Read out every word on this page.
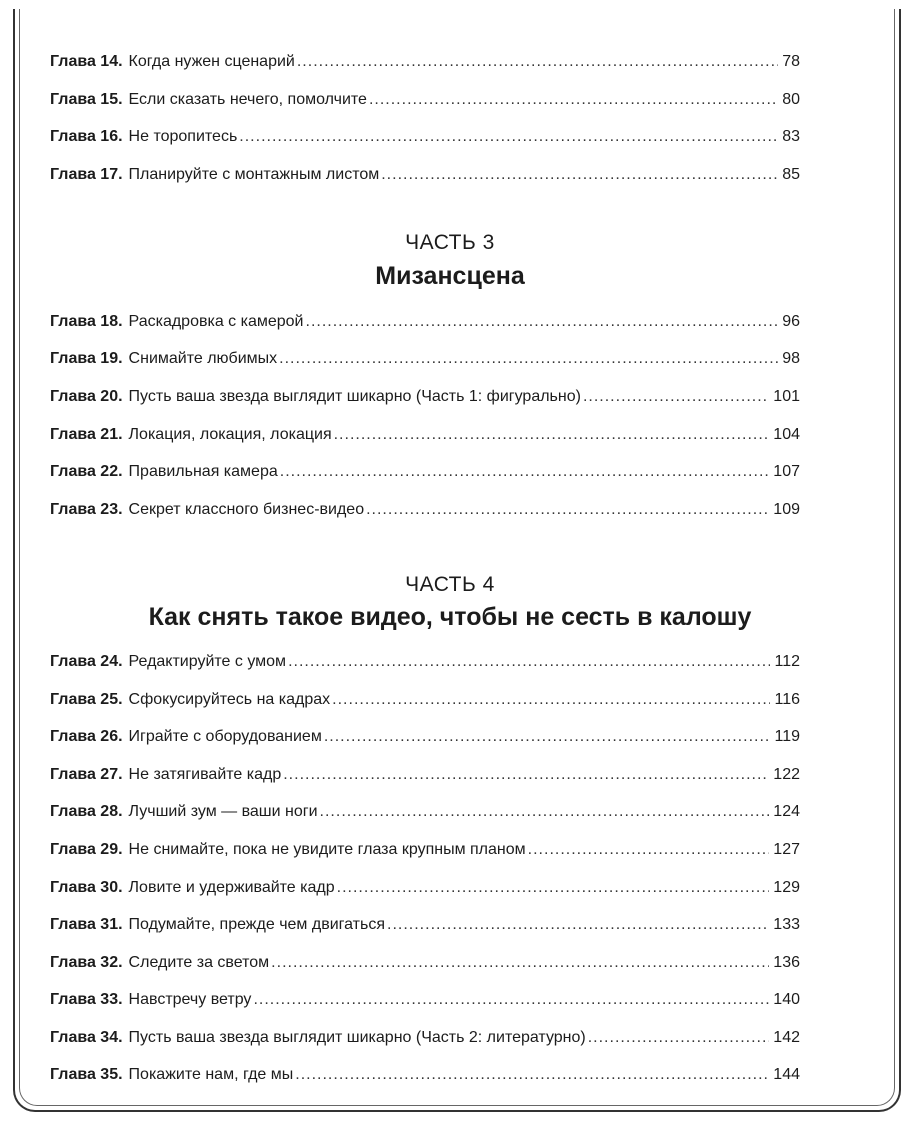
Глава 14. Когда нужен сценарий .....	78
Глава 15. Если сказать нечего, помолчите .....	80
Глава 16. Не торопитесь .....	83
Глава 17. Планируйте с монтажным листом .....	85
ЧАСТЬ 3
Мизансцена
Глава 18. Раскадровка с камерой .....	96
Глава 19. Снимайте любимых .....	98
Глава 20. Пусть ваша звезда выглядит шикарно (Часть 1: фигурально) .....	101
Глава 21. Локация, локация, локация .....	104
Глава 22. Правильная камера .....	107
Глава 23. Секрет классного бизнес-видео .....	109
ЧАСТЬ 4
Как снять такое видео, чтобы не сесть в калошу
Глава 24. Редактируйте с умом .....	112
Глава 25. Сфокусируйтесь на кадрах .....	116
Глава 26. Играйте с оборудованием .....	119
Глава 27. Не затягивайте кадр .....	122
Глава 28. Лучший зум — ваши ноги .....	124
Глава 29. Не снимайте, пока не увидите глаза крупным планом .....	127
Глава 30. Ловите и удерживайте кадр .....	129
Глава 31. Подумайте, прежде чем двигаться .....	133
Глава 32. Следите за светом .....	136
Глава 33. Навстречу ветру .....	140
Глава 34. Пусть ваша звезда выглядит шикарно (Часть 2: литературно) .....	142
Глава 35. Покажите нам, где мы .....	144
